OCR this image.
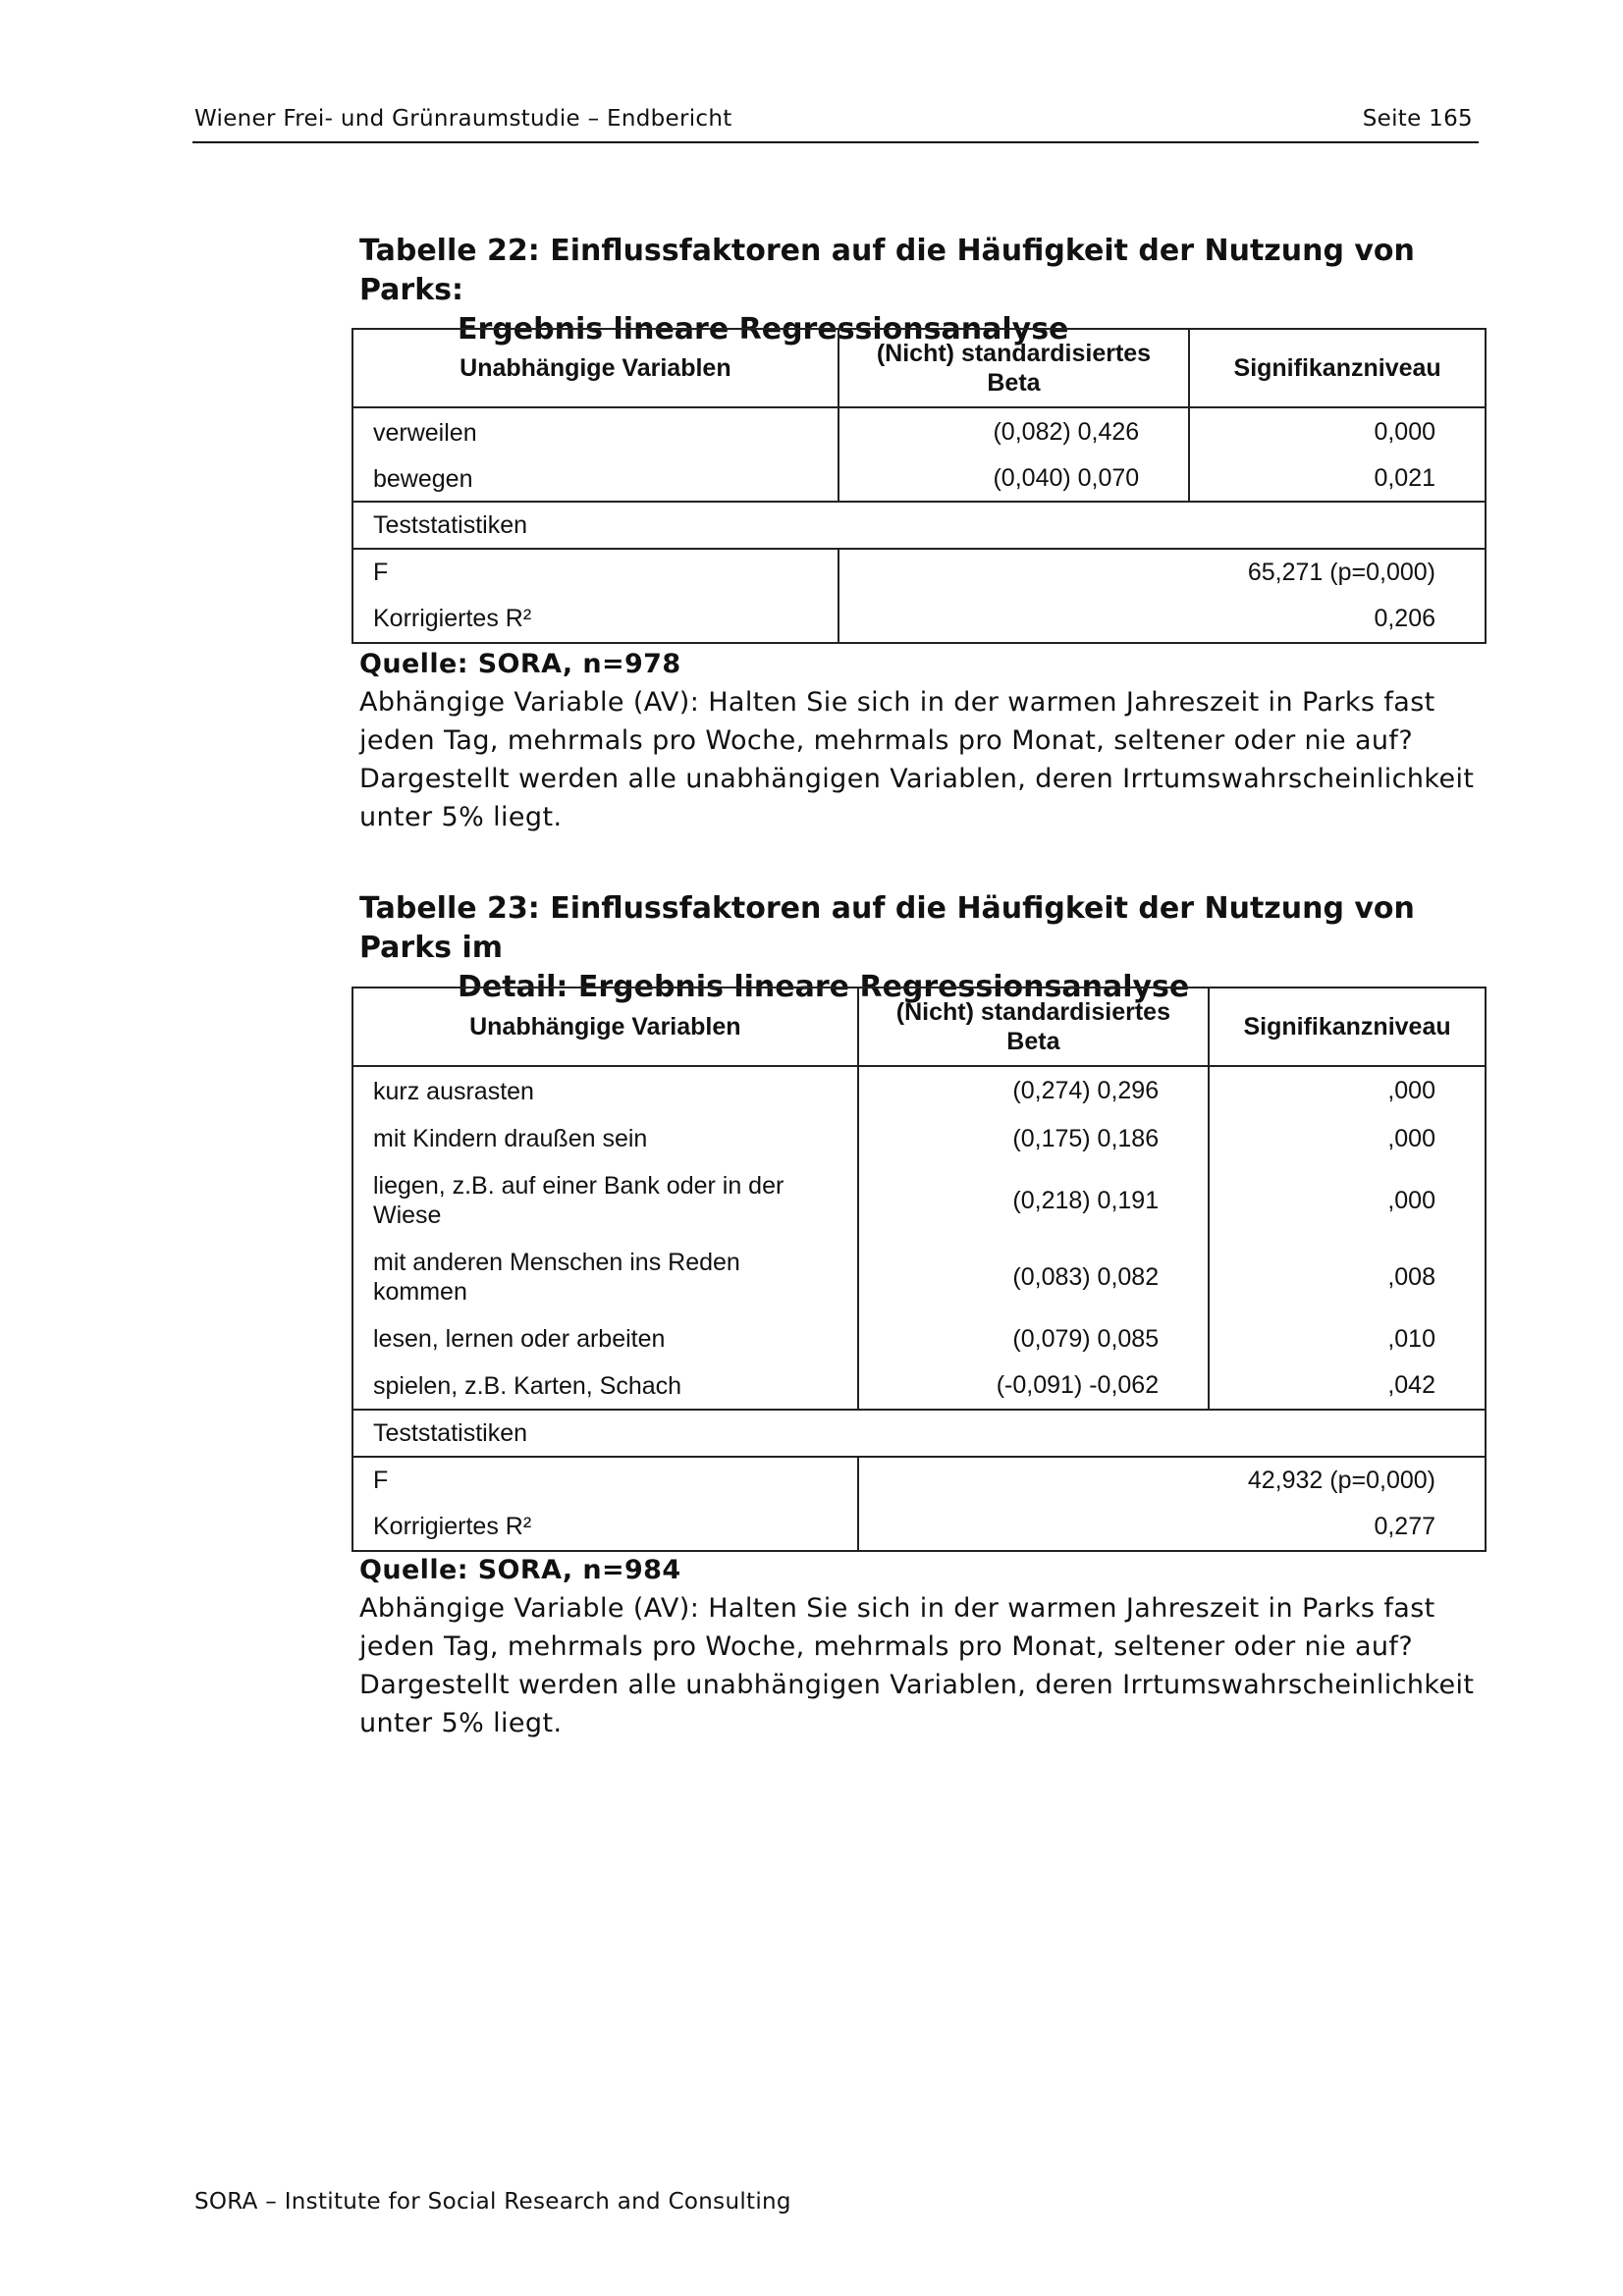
Wiener Frei- und Grünraumstudie – Endbericht	Seite 165
Tabelle 22: Einflussfaktoren auf die Häufigkeit der Nutzung von Parks:
Ergebnis lineare Regressionsanalyse
Unabhängige Variablen	(Nicht) standardisiertes Beta	Signifikanzniveau
verweilen	(0,082) 0,426	0,000
bewegen	(0,040) 0,070	0,021
Teststatistiken		
F	65,271 (p=0,000)	
Korrigiertes R²	0,206	
Quelle: SORA, n=978
Abhängige Variable (AV): Halten Sie sich in der warmen Jahreszeit in Parks fast
jeden Tag, mehrmals pro Woche, mehrmals pro Monat, seltener oder nie auf?
Dargestellt werden alle unabhängigen Variablen, deren Irrtumswahrscheinlichkeit
unter 5% liegt.
Tabelle 23: Einflussfaktoren auf die Häufigkeit der Nutzung von Parks im
Detail: Ergebnis lineare Regressionsanalyse
Unabhängige Variablen	(Nicht) standardisiertes Beta	Signifikanzniveau
kurz ausrasten	(0,274) 0,296	,000
mit Kindern draußen sein	(0,175) 0,186	,000
liegen, z.B. auf einer Bank oder in der Wiese	(0,218) 0,191	,000
mit anderen Menschen ins Reden kommen	(0,083) 0,082	,008
lesen, lernen oder arbeiten	(0,079) 0,085	,010
spielen, z.B. Karten, Schach	(-0,091) -0,062	,042
Teststatistiken		
F	42,932 (p=0,000)	
Korrigiertes R²	0,277	
Quelle: SORA, n=984
Abhängige Variable (AV): Halten Sie sich in der warmen Jahreszeit in Parks fast
jeden Tag, mehrmals pro Woche, mehrmals pro Monat, seltener oder nie auf?
Dargestellt werden alle unabhängigen Variablen, deren Irrtumswahrscheinlichkeit
unter 5% liegt.
SORA – Institute for Social Research and Consulting
